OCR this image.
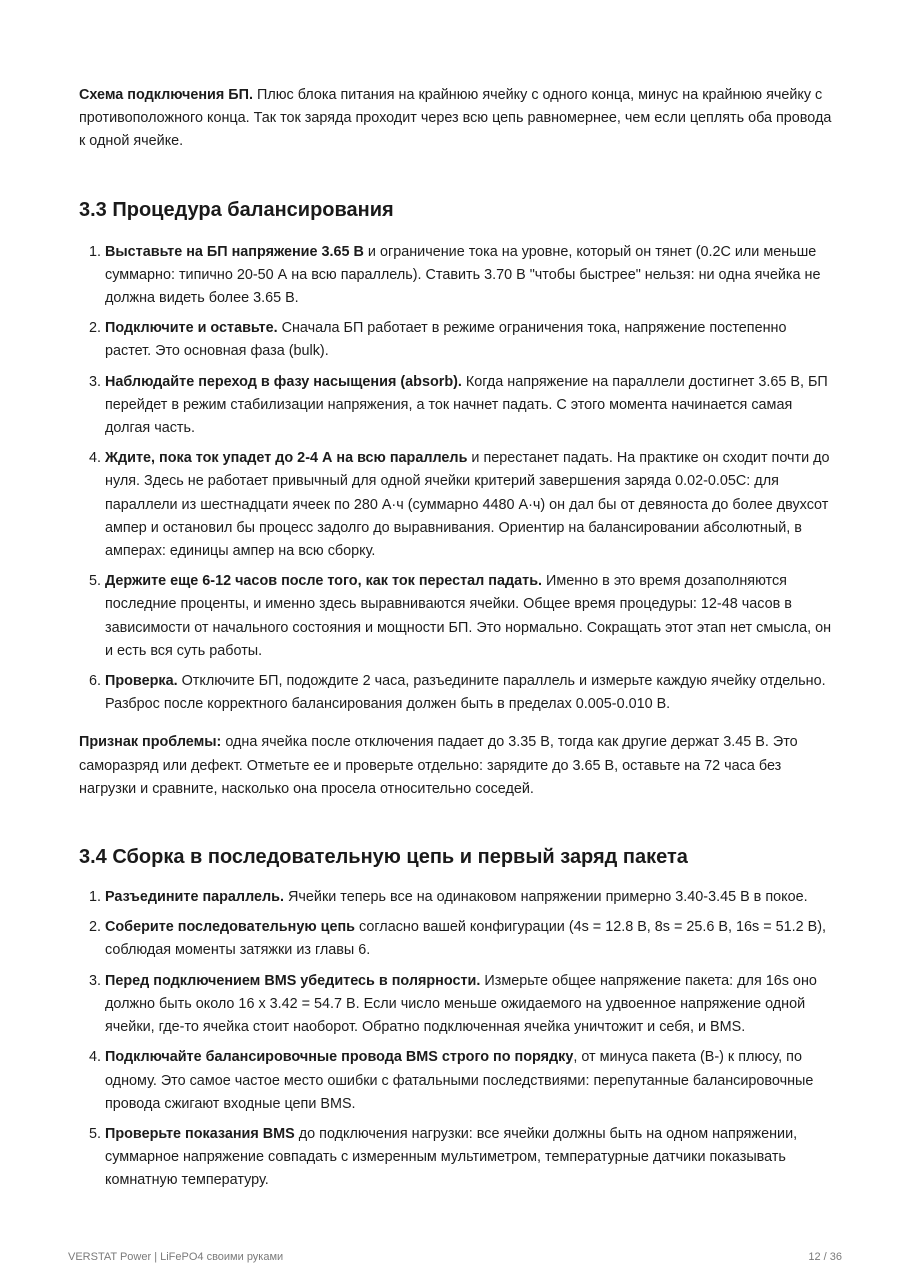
Схема подключения БП. Плюс блока питания на крайнюю ячейку с одного конца, минус на крайнюю ячейку с противоположного конца. Так ток заряда проходит через всю цепь равномернее, чем если цеплять оба провода к одной ячейке.

3.3 Процедура балансирования
1. Выставьте на БП напряжение 3.65 В и ограничение тока на уровне, который он тянет (0.2C или меньше суммарно: типично 20-50 А на всю параллель). Ставить 3.70 В "чтобы быстрее" нельзя: ни одна ячейка не должна видеть более 3.65 В.
2. Подключите и оставьте. Сначала БП работает в режиме ограничения тока, напряжение постепенно растет. Это основная фаза (bulk).
3. Наблюдайте переход в фазу насыщения (absorb). Когда напряжение на параллели достигнет 3.65 В, БП перейдет в режим стабилизации напряжения, а ток начнет падать. С этого момента начинается самая долгая часть.
4. Ждите, пока ток упадет до 2-4 А на всю параллель и перестанет падать. На практике он сходит почти до нуля. Здесь не работает привычный для одной ячейки критерий завершения заряда 0.02-0.05C: для параллели из шестнадцати ячеек по 280 А·ч (суммарно 4480 А·ч) он дал бы от девяноста до более двухсот ампер и остановил бы процесс задолго до выравнивания. Ориентир на балансировании абсолютный, в амперах: единицы ампер на всю сборку.
5. Держите еще 6-12 часов после того, как ток перестал падать. Именно в это время дозаполняются последние проценты, и именно здесь выравниваются ячейки. Общее время процедуры: 12-48 часов в зависимости от начального состояния и мощности БП. Это нормально. Сокращать этот этап нет смысла, он и есть вся суть работы.
6. Проверка. Отключите БП, подождите 2 часа, разъедините параллель и измерьте каждую ячейку отдельно. Разброс после корректного балансирования должен быть в пределах 0.005-0.010 В.

Признак проблемы: одна ячейка после отключения падает до 3.35 В, тогда как другие держат 3.45 В. Это саморазряд или дефект. Отметьте ее и проверьте отдельно: зарядите до 3.65 В, оставьте на 72 часа без нагрузки и сравните, насколько она просела относительно соседей.

3.4 Сборка в последовательную цепь и первый заряд пакета
1. Разъедините параллель. Ячейки теперь все на одинаковом напряжении примерно 3.40-3.45 В в покое.
2. Соберите последовательную цепь согласно вашей конфигурации (4s = 12.8 В, 8s = 25.6 В, 16s = 51.2 В), соблюдая моменты затяжки из главы 6.
3. Перед подключением BMS убедитесь в полярности. Измерьте общее напряжение пакета: для 16s оно должно быть около 16 x 3.42 = 54.7 В. Если число меньше ожидаемого на удвоенное напряжение одной ячейки, где-то ячейка стоит наоборот. Обратно подключенная ячейка уничтожит и себя, и BMS.
4. Подключайте балансировочные провода BMS строго по порядку, от минуса пакета (B-) к плюсу, по одному. Это самое частое место ошибки с фатальными последствиями: перепутанные балансировочные провода сжигают входные цепи BMS.
5. Проверьте показания BMS до подключения нагрузки: все ячейки должны быть на одном напряжении, суммарное напряжение совпадать с измеренным мультиметром, температурные датчики показывать комнатную температуру.
VERSTAT Power | LiFePO4 своими руками	12 / 36
